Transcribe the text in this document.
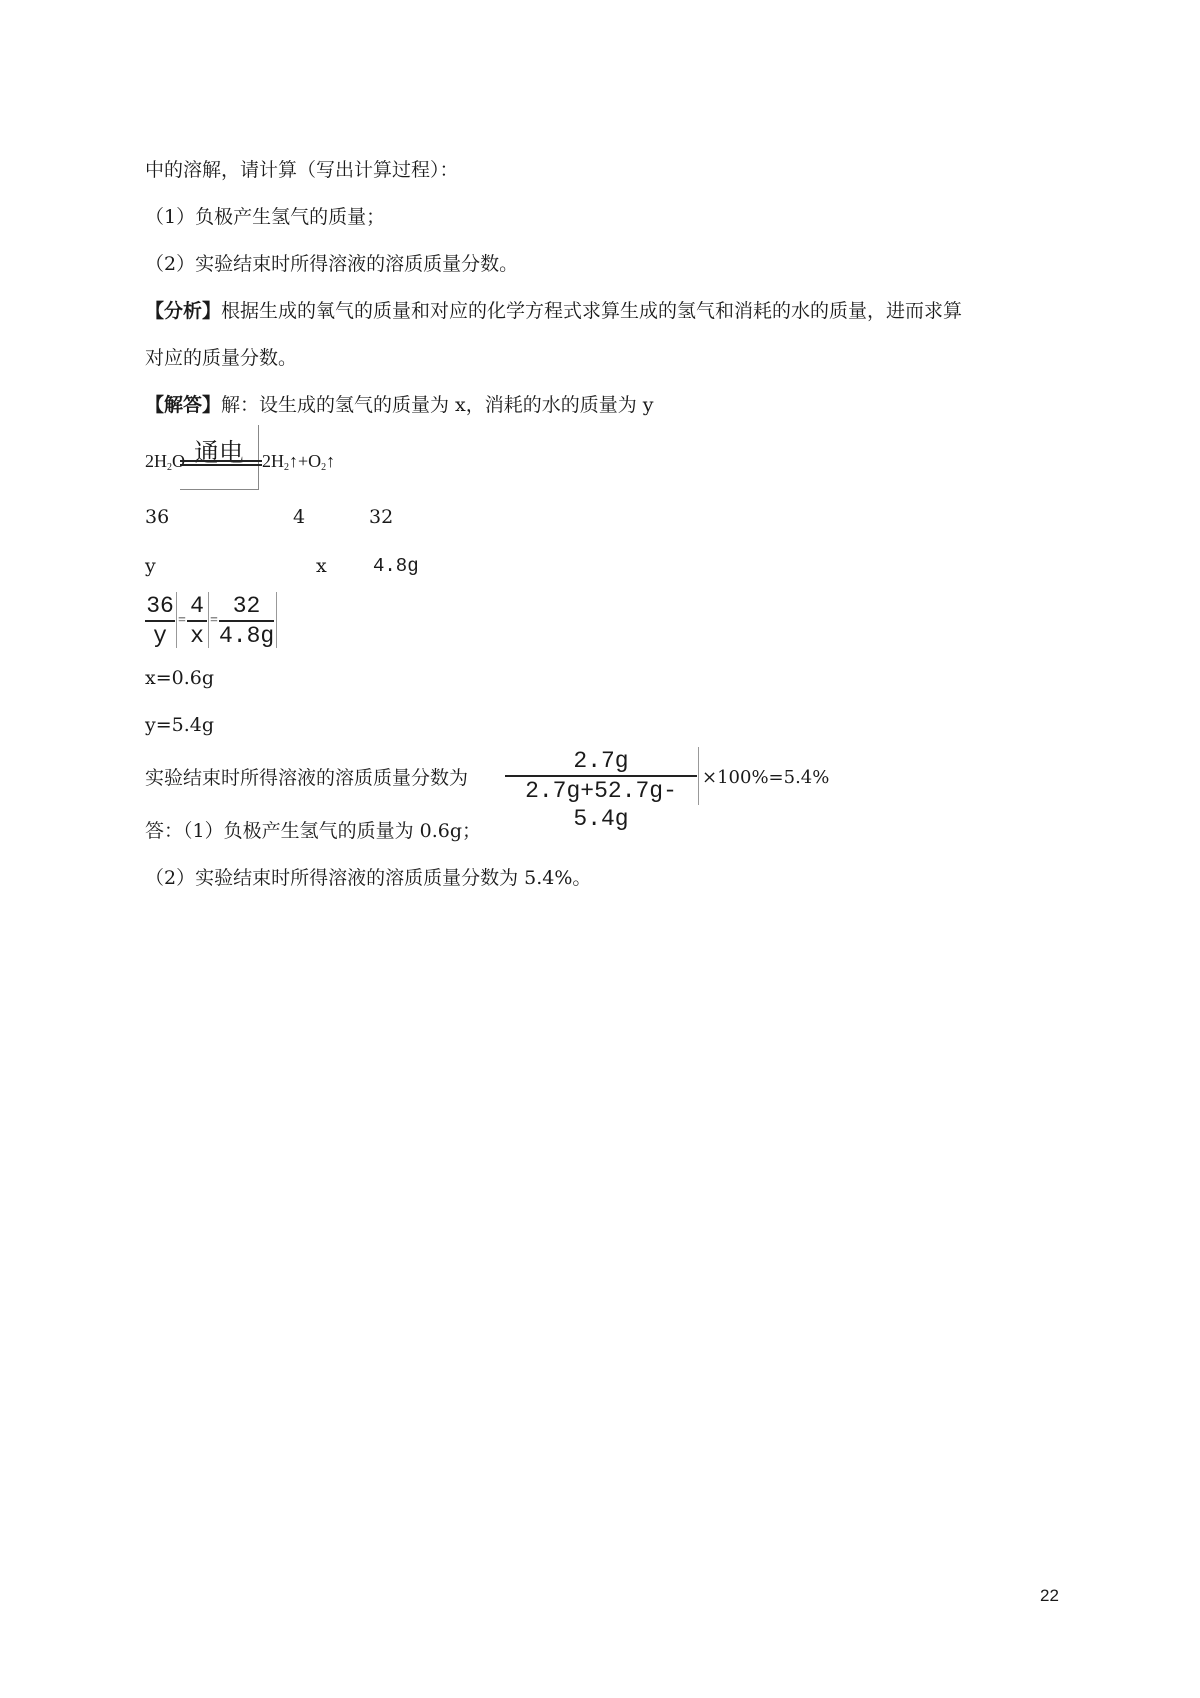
中的溶解，请计算（写出计算过程）：
（1）负极产生氢气的质量；
（2）实验结束时所得溶液的溶质质量分数。
【分析】根据生成的氧气的质量和对应的化学方程式求算生成的氢气和消耗的水的质量，进而求算
对应的质量分数。
【解答】解：设生成的氢气的质量为 x，消耗的水的质量为 y
$2H_2O$ 通电	$2H_2↑+O_2↑$
36	4	32
y	x 4.8g
36
y
=
4
x
=
32
4.8g
x=0.6g
y=5.4g
实验结束时所得溶液的溶质质量分数为
2.7g
2.7g+52.7g-5.4g
×100%=5.4%
答：（1）负极产生氢气的质量为 0.6g；
（2）实验结束时所得溶液的溶质质量分数为 5.4%。
22
